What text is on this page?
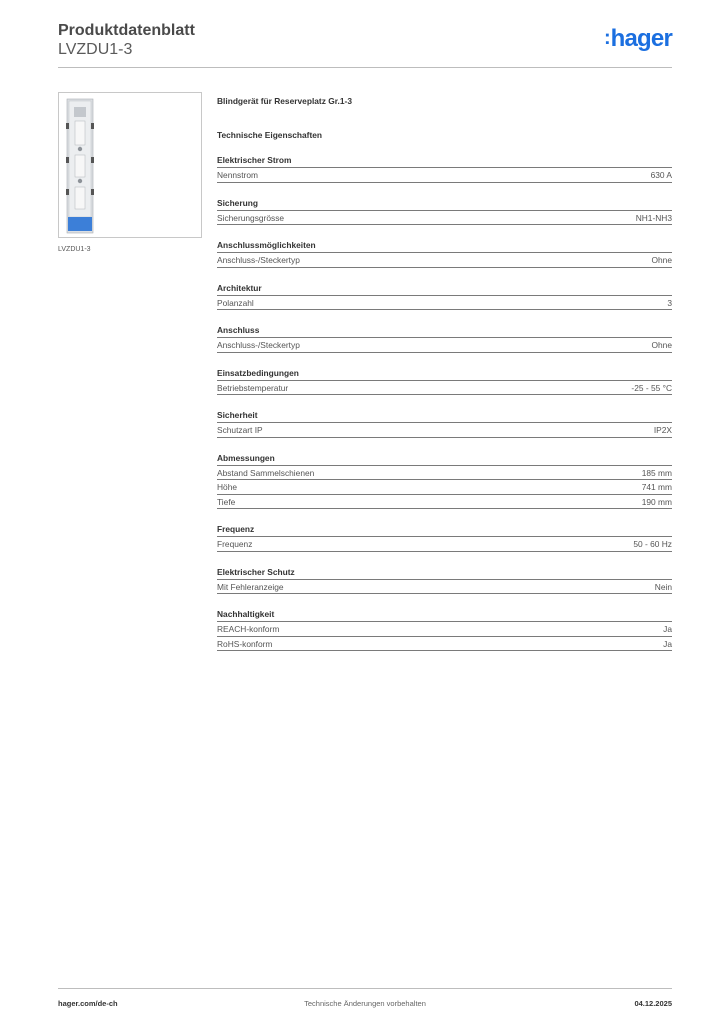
Produktdatenblatt
LVZDU1-3
:hager
LVZDU1-3
Blindgerät für Reserveplatz Gr.1-3
Technische Eigenschaften
Elektrischer Strom
Nennstrom	630 A
Sicherung
Sicherungsgrösse	NH1-NH3
Anschlussmöglichkeiten
Anschluss-/Steckertyp	Ohne
Architektur
Polanzahl	3
Anschluss
Anschluss-/Steckertyp	Ohne
Einsatzbedingungen
Betriebstemperatur	-25 - 55 °C
Sicherheit
Schutzart IP	IP2X
Abmessungen
Abstand Sammelschienen	185 mm
Höhe	741 mm
Tiefe	190 mm
Frequenz
Frequenz	50 - 60 Hz
Elektrischer Schutz
Mit Fehleranzeige	Nein
Nachhaltigkeit
REACH-konform	Ja
RoHS-konform	Ja
hager.com/de-ch	Technische Änderungen vorbehalten	04.12.2025
